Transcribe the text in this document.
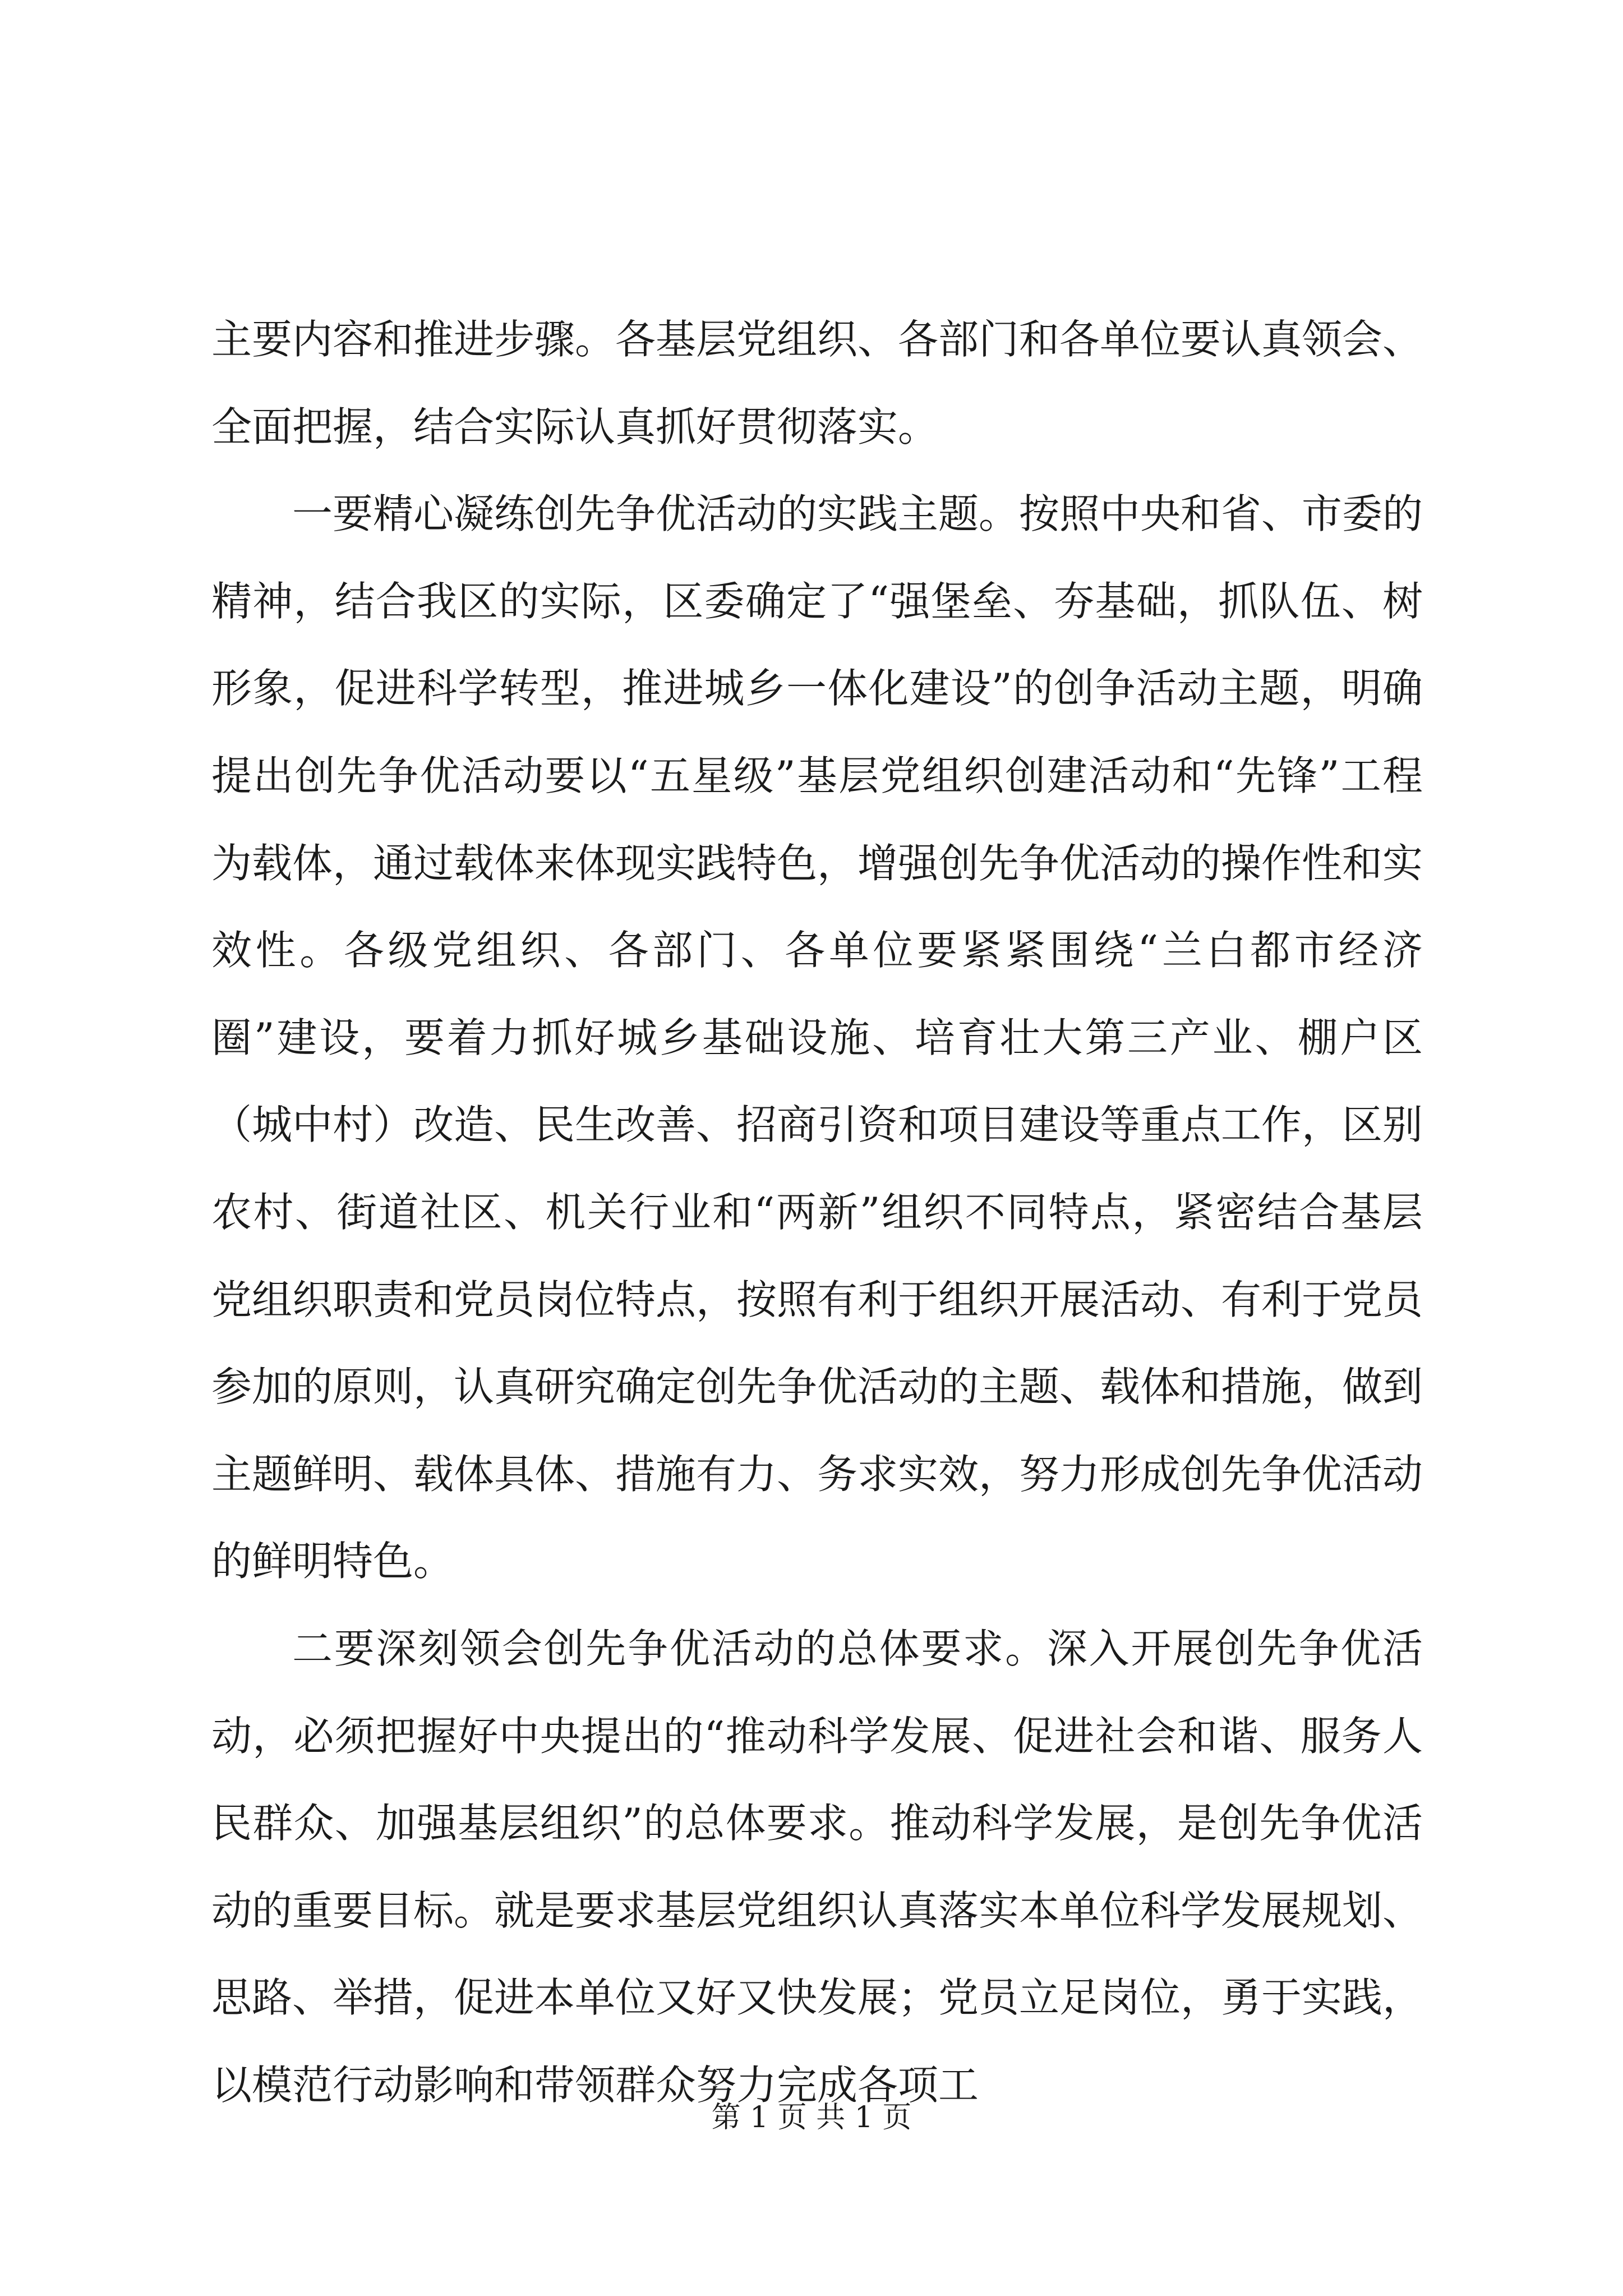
主要内容和推进步骤。各基层党组织、各部门和各单位要认真领会、全面把握，结合实际认真抓好贯彻落实。

一要精心凝练创先争优活动的实践主题。按照中央和省、市委的精神，结合我区的实际，区委确定了“强堡垒、夯基础，抓队伍、树形象，促进科学转型，推进城乡一体化建设”的创争活动主题，明确提出创先争优活动要以“五星级”基层党组织创建活动和“先锋”工程为载体，通过载体来体现实践特色，增强创先争优活动的操作性和实效性。各级党组织、各部门、各单位要紧紧围绕“兰白都市经济圈”建设，要着力抓好城乡基础设施、培育壮大第三产业、棚户区（城中村）改造、民生改善、招商引资和项目建设等重点工作，区别农村、街道社区、机关行业和“两新”组织不同特点，紧密结合基层党组织职责和党员岗位特点，按照有利于组织开展活动、有利于党员参加的原则，认真研究确定创先争优活动的主题、载体和措施，做到主题鲜明、载体具体、措施有力、务求实效，努力形成创先争优活动的鲜明特色。

二要深刻领会创先争优活动的总体要求。深入开展创先争优活动，必须把握好中央提出的“推动科学发展、促进社会和谐、服务人民群众、加强基层组织”的总体要求。推动科学发展，是创先争优活动的重要目标。就是要求基层党组织认真落实本单位科学发展规划、思路、举措，促进本单位又好又快发展；党员立足岗位，勇于实践，以模范行动影响和带领群众努力完成各项工

第 1 页 共 1 页
